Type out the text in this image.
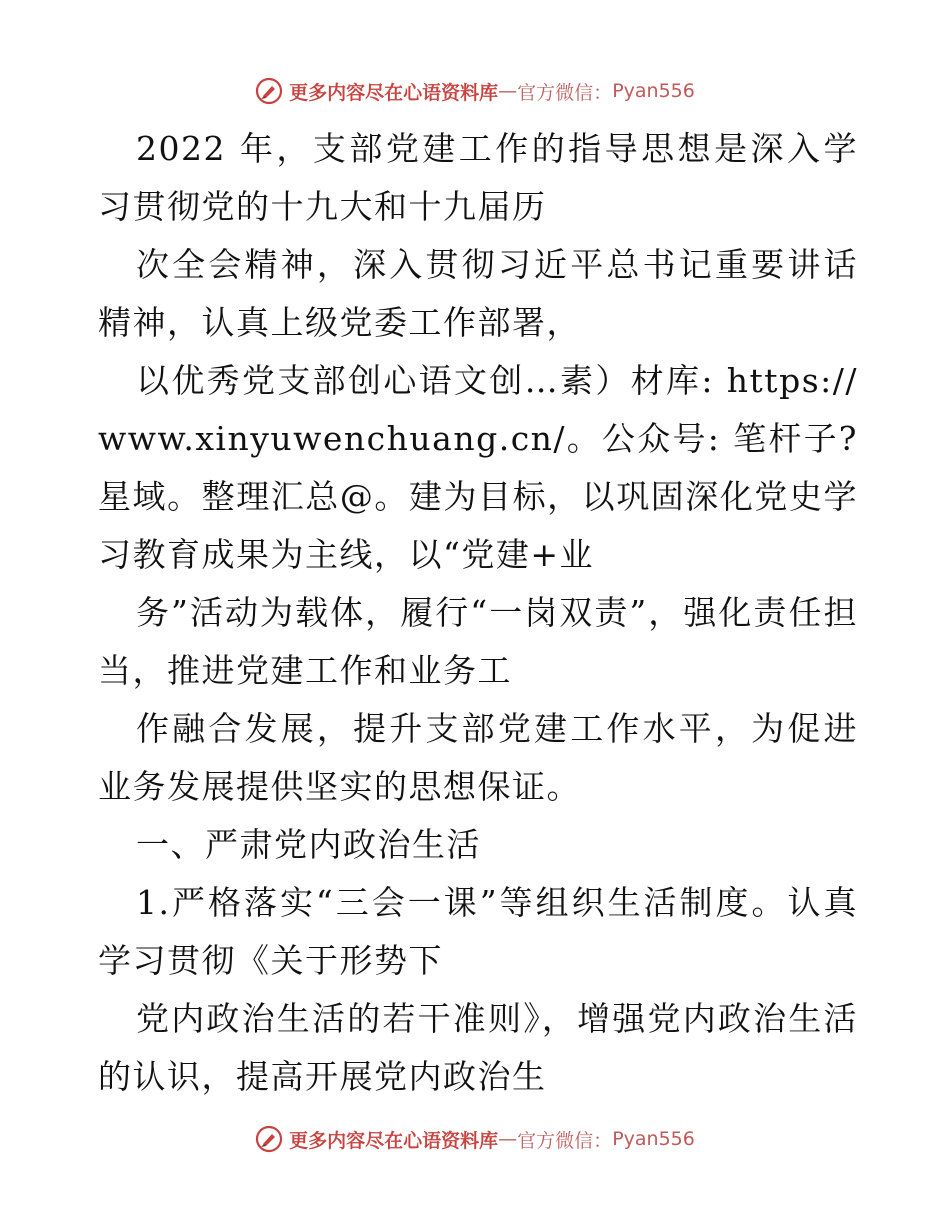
更多内容尽在心语资料库 — 官方微信： Pyan556

2022 年，支部党建工作的指导思想是深入学习贯彻党的十九大和十九届历

次全会精神，深入贯彻习近平总书记重要讲话精神，认真上级党委工作部署，

以优秀党支部创心语文创…素）材库: https://www.xinyuwenchuang.cn/。公众号: 笔杆子?星域。整理汇总@。建为目标，以巩固深化党史学习教育成果为主线，以“党建+业

务”活动为载体，履行“一岗双责”，强化责任担当，推进党建工作和业务工

作融合发展，提升支部党建工作水平，为促进业务发展提供坚实的思想保证。

一、严肃党内政治生活

1.严格落实“三会一课”等组织生活制度。认真学习贯彻《关于形势下

党内政治生活的若干准则》，增强党内政治生活的认识，提高开展党内政治生

更多内容尽在心语资料库 — 官方微信： Pyan556
